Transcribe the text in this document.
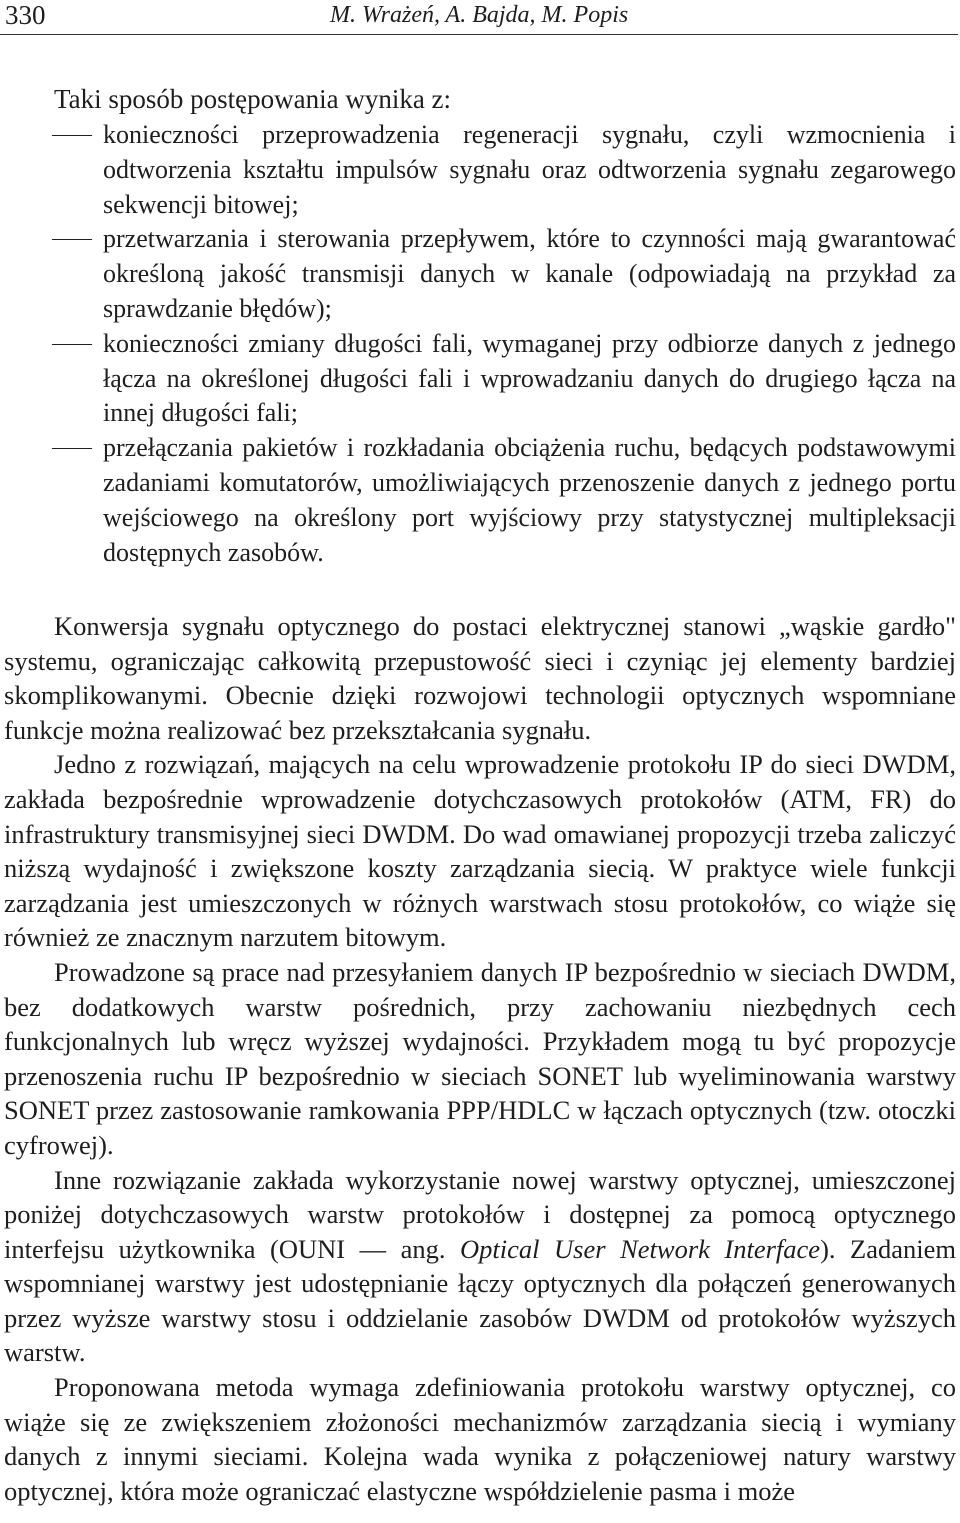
330	M. Wrażeń, A. Bajda, M. Popis
Taki sposób postępowania wynika z:
konieczności przeprowadzenia regeneracji sygnału, czyli wzmocnienia i odtworzenia kształtu impulsów sygnału oraz odtworzenia sygnału zegarowego sekwencji bitowej;
przetwarzania i sterowania przepływem, które to czynności mają gwarantować określoną jakość transmisji danych w kanale (odpowiadają na przykład za sprawdzanie błędów);
konieczności zmiany długości fali, wymaganej przy odbiorze danych z jednego łącza na określonej długości fali i wprowadzaniu danych do drugiego łącza na innej długości fali;
przełączania pakietów i rozkładania obciążenia ruchu, będących podstawowymi zadaniami komutatorów, umożliwiających przenoszenie danych z jednego portu wejściowego na określony port wyjściowy przy statystycznej multipleksacji dostępnych zasobów.

Konwersja sygnału optycznego do postaci elektrycznej stanowi „wąskie gardło" systemu, ograniczając całkowitą przepustowość sieci i czyniąc jej elementy bardziej skomplikowanymi. Obecnie dzięki rozwojowi technologii optycznych wspomniane funkcje można realizować bez przekształcania sygnału.

Jedno z rozwiązań, mających na celu wprowadzenie protokołu IP do sieci DWDM, zakłada bezpośrednie wprowadzenie dotychczasowych protokołów (ATM, FR) do infrastruktury transmisyjnej sieci DWDM. Do wad omawianej propozycji trzeba zaliczyć niższą wydajność i zwiększone koszty zarządzania siecią. W praktyce wiele funkcji zarządzania jest umieszczonych w różnych warstwach stosu protokołów, co wiąże się również ze znacznym narzutem bitowym.

Prowadzone są prace nad przesyłaniem danych IP bezpośrednio w sieciach DWDM, bez dodatkowych warstw pośrednich, przy zachowaniu niezbędnych cech funkcjonalnych lub wręcz wyższej wydajności. Przykładem mogą tu być propozycje przenoszenia ruchu IP bezpośrednio w sieciach SONET lub wyeliminowania warstwy SONET przez zastosowanie ramkowania PPP/HDLC w łączach optycznych (tzw. otoczki cyfrowej).

Inne rozwiązanie zakłada wykorzystanie nowej warstwy optycznej, umieszczonej poniżej dotychczasowych warstw protokołów i dostępnej za pomocą optycznego interfejsu użytkownika (OUNI — ang. Optical User Network Interface). Zadaniem wspomnianej warstwy jest udostępnianie łączy optycznych dla połączeń generowanych przez wyższe warstwy stosu i oddzielanie zasobów DWDM od protokołów wyższych warstw.

Proponowana metoda wymaga zdefiniowania protokołu warstwy optycznej, co wiąże się ze zwiększeniem złożoności mechanizmów zarządzania siecią i wymiany danych z innymi sieciami. Kolejna wada wynika z połączeniowej natury warstwy optycznej, która może ograniczać elastyczne współdzielenie pasma i może
